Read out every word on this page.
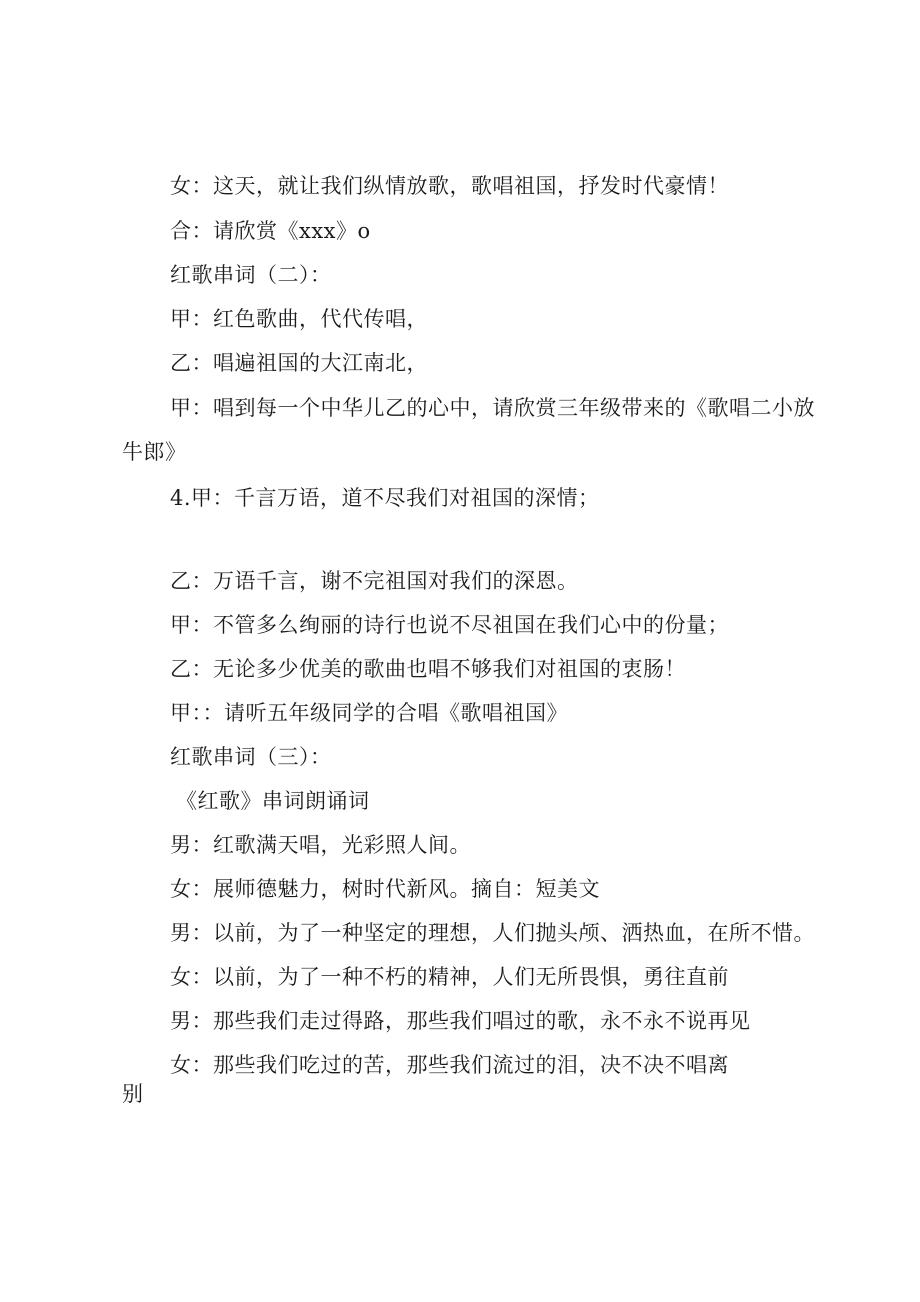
女：这天，就让我们纵情放歌，歌唱祖国，抒发时代豪情！
合：请欣赏《xxx》o
红歌串词（二）：
甲：红色歌曲，代代传唱，
乙：唱遍祖国的大江南北，
甲：唱到每一个中华儿乙的心中，请欣赏三年级带来的《歌唱二小放
牛郎》
4.甲：千言万语，道不尽我们对祖国的深情；
乙：万语千言，谢不完祖国对我们的深恩。
甲：不管多么绚丽的诗行也说不尽祖国在我们心中的份量；
乙：无论多少优美的歌曲也唱不够我们对祖国的衷肠！
甲：：请听五年级同学的合唱《歌唱祖国》
红歌串词（三）：
《红歌》串词朗诵词
男：红歌满天唱，光彩照人间。
女：展师德魅力，树时代新风。摘自：短美文
男：以前，为了一种坚定的理想，人们抛头颅、洒热血，在所不惜。
女：以前，为了一种不朽的精神，人们无所畏惧，勇往直前
男：那些我们走过得路，那些我们唱过的歌，永不永不说再见
女：那些我们吃过的苦，那些我们流过的泪，决不决不唱离
别
